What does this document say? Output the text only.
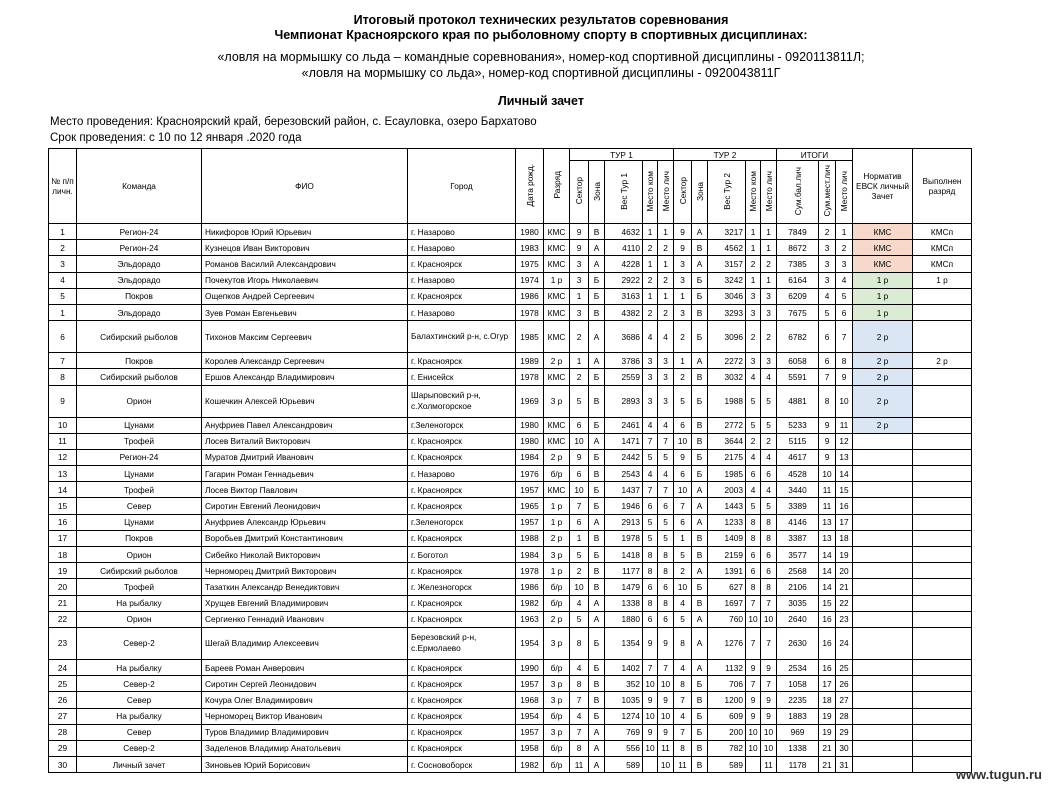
Итоговый протокол технических результатов соревнования
Чемпионат Красноярского края по рыболовному спорту в спортивных дисциплинах:
«ловля на мормышку со льда – командные соревнования», номер-код спортивной дисциплины - 0920113811Л;
«ловля на мормышку со льда», номер-код спортивной дисциплины - 0920043811Г
Личный зачет
Место проведения: Красноярский край, березовский район, с. Есауловка, озеро Бархатово
Срок проведения: с 10 по 12 января .2020 года
№ п/п личн.	Команда	ФИО	Город	Дата рожд.	Разряд	ТУР 1					ТУР 2					ИТОГИ			Норматив ЕВСК личный Зачет	Выполнен разряд
						Сектор	Зона	Вес Тур 1	Место ком	Место лич	Сектор	Зона	Вес Тур 2	Место ком	Место лич	Сум.бал.лич	Сум.мест.лич	Место лич		
1	Регион-24	Никифоров Юрий Юрьевич	г. Назарово	1980	КМС	9	В	4632	1	1	9	А	3217	1	1	7849	2	1	КМС	КМСп
2	Регион-24	Кузнецов Иван Викторович	г. Назарово	1983	КМС	9	А	4110	2	2	9	В	4562	1	1	8672	3	2	КМС	КМСп
3	Эльдорадо	Романов Василий Александрович	г. Красноярск	1975	КМС	3	А	4228	1	1	3	А	3157	2	2	7385	3	3	КМС	КМСп
4	Эльдорадо	Почекутов Игорь Николаевич	г. Назарово	1974	1 р	3	Б	2922	2	2	3	Б	3242	1	1	6164	3	4	1 р	1 р
5	Покров	Ощепков Андрей Сергеевич	г. Красноярск	1986	КМС	1	Б	3163	1	1	1	Б	3046	3	3	6209	4	5	1 р	
1	Эльдорадо	Зуев Роман Евгеньевич	г. Назарово	1978	КМС	3	В	4382	2	2	3	В	3293	3	3	7675	5	6	1 р	
6	Сибирский рыболов	Тихонов Максим Сергеевич	Балахтинский р-н, с.Огур	1985	КМС	2	А	3686	4	4	2	Б	3096	2	2	6782	6	7	2 р	
7	Покров	Королев Александр Сергеевич	г. Красноярск	1989	2 р	1	А	3786	3	3	1	А	2272	3	3	6058	6	8	2 р	2 р
8	Сибирский рыболов	Ершов Александр Владимирович	г. Енисейск	1978	КМС	2	Б	2559	3	3	2	В	3032	4	4	5591	7	9	2 р	
9	Орион	Кошечкин Алексей Юрьевич	Шарыповский р-н, с.Холмогорское	1969	3 р	5	В	2893	3	3	5	Б	1988	5	5	4881	8	10	2 р	
10	Цунами	Ануфриев Павел Александрович	г.Зеленогорск	1980	КМС	6	Б	2461	4	4	6	В	2772	5	5	5233	9	11	2 р	
11	Трофей	Лосев Виталий Викторович	г. Красноярск	1980	КМС	10	А	1471	7	7	10	В	3644	2	2	5115	9	12		
12	Регион-24	Муратов Дмитрий Иванович	г. Красноярск	1984	2 р	9	Б	2442	5	5	9	Б	2175	4	4	4617	9	13		
13	Цунами	Гагарин Роман Геннадьевич	г. Назарово	1976	б/р	6	В	2543	4	4	6	Б	1985	6	6	4528	10	14		
14	Трофей	Лосев Виктор Павлович	г. Красноярск	1957	КМС	10	Б	1437	7	7	10	А	2003	4	4	3440	11	15		
15	Север	Сиротин Евгений Леонидович	г. Красноярск	1965	1 р	7	Б	1946	6	6	7	А	1443	5	5	3389	11	16		
16	Цунами	Ануфриев Александр Юрьевич	г.Зеленогорск	1957	1 р	6	А	2913	5	5	6	А	1233	8	8	4146	13	17		
17	Покров	Воробьев Дмитрий Константинович	г. Красноярск	1988	2 р	1	В	1978	5	5	1	В	1409	8	8	3387	13	18		
18	Орион	Сибейко Николай Викторович	г. Боготол	1984	3 р	5	Б	1418	8	8	5	В	2159	6	6	3577	14	19		
19	Сибирский рыболов	Черноморец Дмитрий Викторович	г. Красноярск	1978	1 р	2	В	1177	8	8	2	А	1391	6	6	2568	14	20		
20	Трофей	Тазаткин Александр Венедиктович	г. Железногорск	1986	б/р	10	В	1479	6	6	10	Б	627	8	8	2106	14	21		
21	На рыбалку	Хрущев Евгений Владимирович	г. Красноярск	1982	б/р	4	А	1338	8	8	4	В	1697	7	7	3035	15	22		
22	Орион	Сергиенко Геннадий Иванович	г. Красноярск	1963	2 р	5	А	1880	6	6	5	А	760	10	10	2640	16	23		
23	Север-2	Шегай Владимир Алексеевич	Березовский р-н, с.Ермолаево	1954	3 р	8	Б	1354	9	9	8	А	1276	7	7	2630	16	24		
24	На рыбалку	Бареев Роман Анверович	г. Красноярск	1990	б/р	4	Б	1402	7	7	4	А	1132	9	9	2534	16	25		
25	Север-2	Сиротин Сергей Леонидович	г. Красноярск	1957	3 р	8	В	352	10	10	8	Б	706	7	7	1058	17	26		
26	Север	Кочура Олег Владимирович	г. Красноярск	1968	3 р	7	В	1035	9	9	7	В	1200	9	9	2235	18	27		
27	На рыбалку	Черноморец Виктор Иванович	г. Красноярск	1954	б/р	4	Б	1274	10	10	4	Б	609	9	9	1883	19	28		
28	Север	Туров Владимир Владимирович	г. Красноярск	1957	3 р	7	А	769	9	9	7	Б	200	10	10	969	19	29		
29	Север-2	Заделенов Владимир Анатольевич	г. Красноярск	1958	б/р	8	А	556	10	11	8	В	782	10	10	1338	21	30		
30	Личный зачет	Зиновьев Юрий Борисович	г. Сосновоборск	1982	б/р	11	А	589		10	11	В	589		11	1178	21	31		
www.tugun.ru
